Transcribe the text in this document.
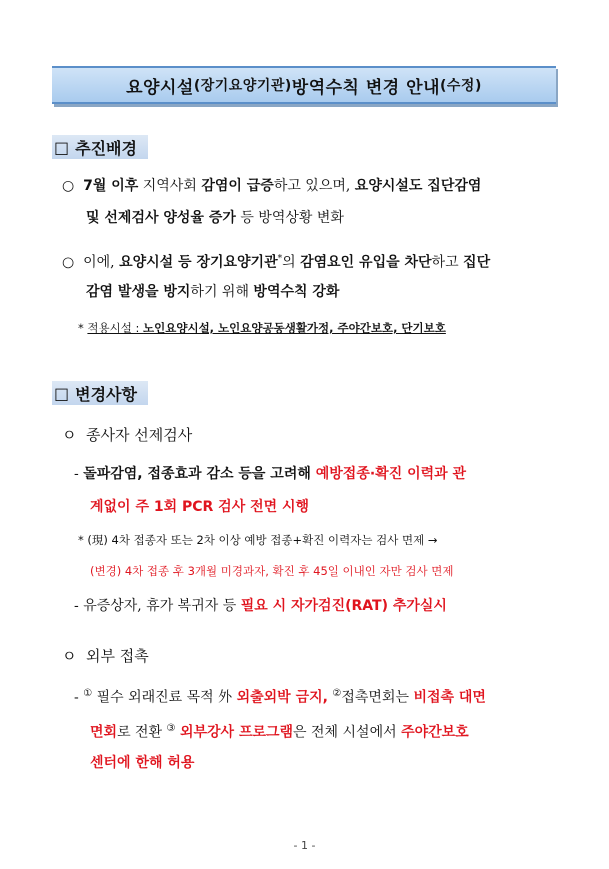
요양시설 (장기요양기관) 방역수칙 변경 안내 (수정)
□ 추진배경
○ 7월 이후 지역사회 감염이 급증하고 있으며, 요양시설도 집단감염
및 선제검사 양성율 증가 등 방역상황 변화
○ 이에, 요양시설 등 장기요양기관*의 감염요인 유입을 차단하고 집단
감염 발생을 방지하기 위해 방역수칙 강화
* 적용시설 : 노인요양시설, 노인요양공동생활가정, 주야간보호, 단기보호
□ 변경사항
ㅇ 종사자 선제검사
- 돌파감염, 접종효과 감소 등을 고려해 예방접종·확진 이력과 관
계없이 주 1회 PCR 검사 전면 시행
* (現) 4차 접종자 또는 2차 이상 예방 접종+확진 이력자는 검사 면제 →
(변경) 4차 접종 후 3개월 미경과자, 확진 후 45일 이내인 자만 검사 면제
- 유증상자, 휴가 복귀자 등 필요 시 자가검진(RAT) 추가실시
ㅇ 외부 접촉
- ① 필수 외래진료 목적 外 외출외박 금지, ②접촉면회는 비접촉 대면
면회로 전환 ③ 외부강사 프로그램은 전체 시설에서 주야간보호
센터에 한해 허용
- 1 -
